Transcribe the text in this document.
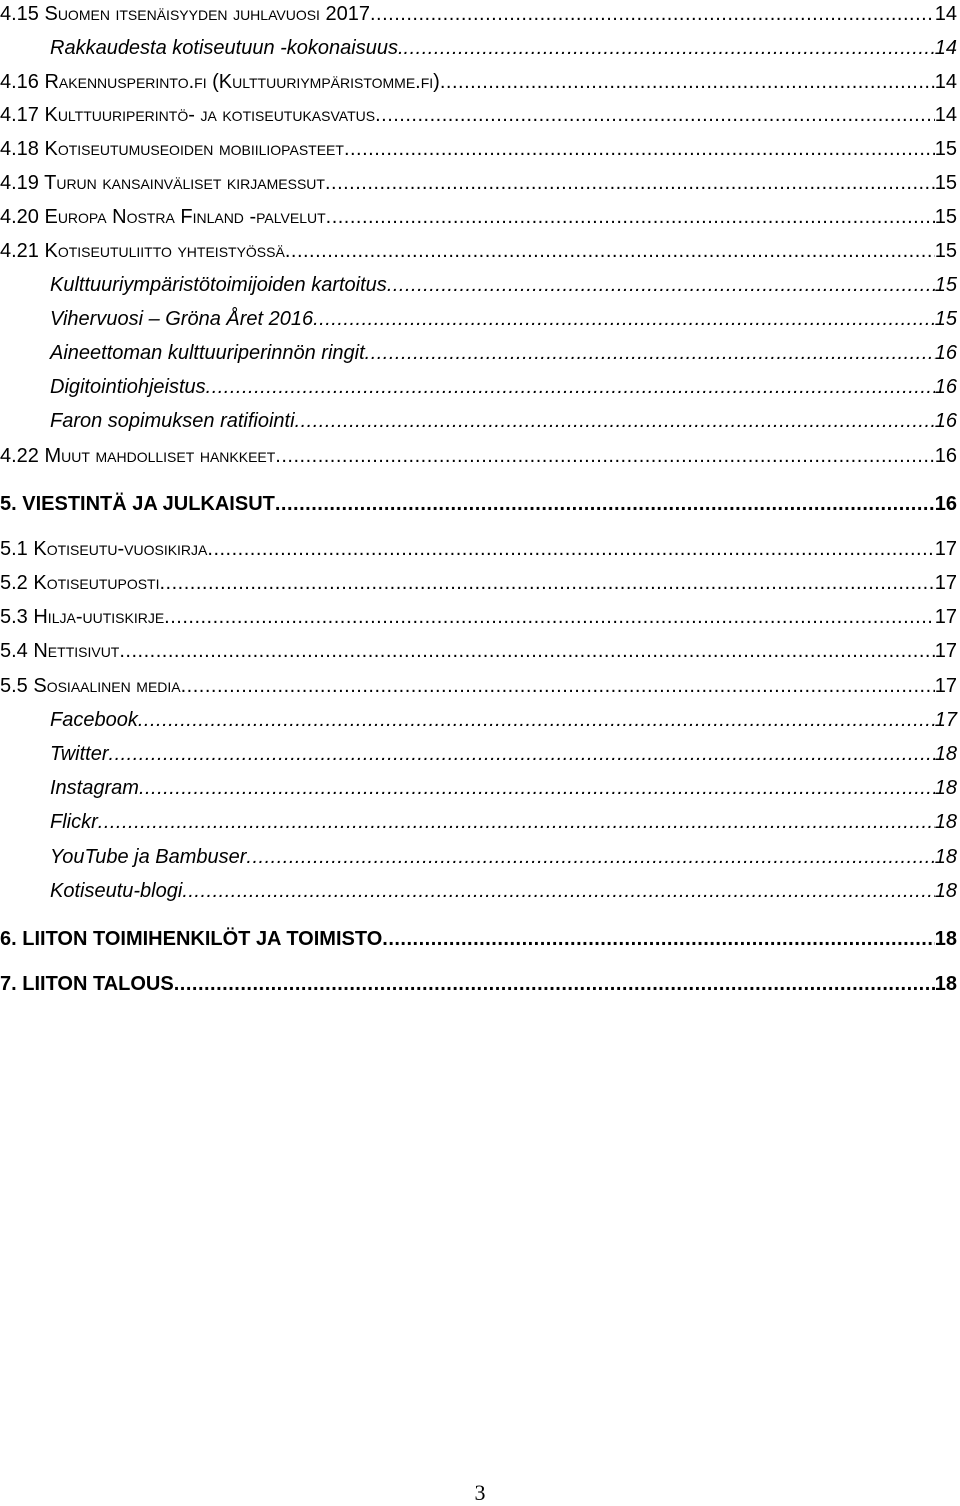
4.15 Suomen itsenäisyyden juhlavuosi 2017 .....	14
Rakkaudesta kotiseutuun -kokonaisuus. .....	14
4.16 Rakennusperinto.fi (Kulttuuriympäristomme.fi) .....	14
4.17 Kulttuuriperintö- ja kotiseutukasvatus .....	14
4.18 Kotiseutumuseoiden mobiiliopasteet .....	15
4.19 Turun kansainväliset kirjamessut .....	15
4.20 Europa Nostra Finland -palvelut .....	15
4.21 Kotiseutuliitto yhteistyössä .....	15
Kulttuuriympäristötoimijoiden kartoitus .....	15
Vihervuosi – Gröna Året 2016 .....	15
Aineettoman kulttuuriperinnön ringit .....	16
Digitointiohjeistus .....	16
Faron sopimuksen ratifiointi .....	16
4.22 Muut mahdolliset hankkeet .....	16
5. VIESTINTÄ JA JULKAISUT .....	16
5.1 Kotiseutu-vuosikirja .....	17
5.2 Kotiseutuposti .....	17
5.3 Hilja-uutiskirje .....	17
5.4 Nettisivut .....	17
5.5 Sosiaalinen media .....	17
Facebook .....	17
Twitter .....	18
Instagram .....	18
Flickr .....	18
YouTube ja Bambuser .....	18
Kotiseutu-blogi .....	18
6. LIITON TOIMIHENKILÖT JA TOIMISTO .....	18
7. LIITON TALOUS .....	18
3
